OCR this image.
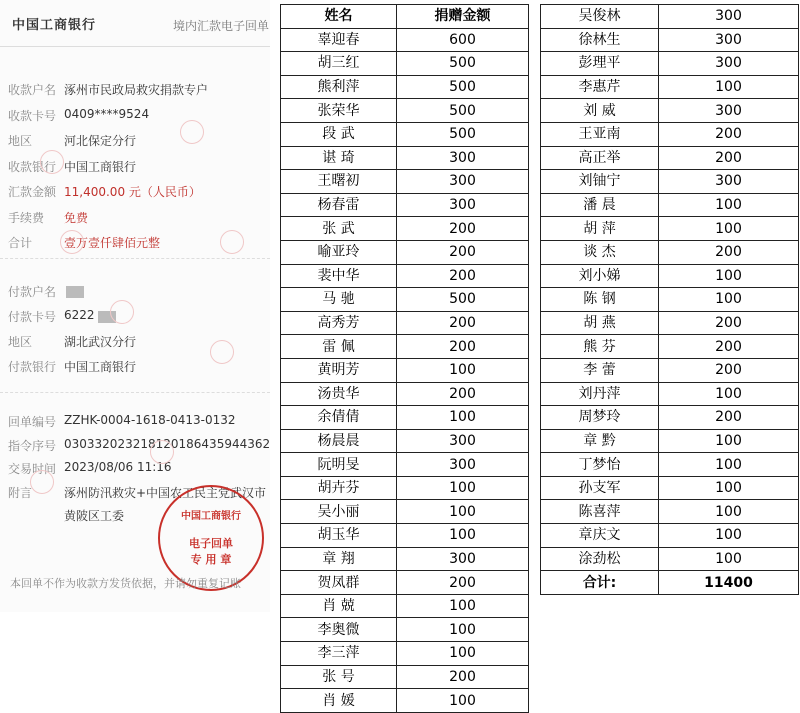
中国工商银行	境内汇款电子回单
收款户名 涿州市民政局救灾捐款专户
收款卡号 0409****9524
地区	河北保定分行
收款银行 中国工商银行
汇款金额 11,400.00 元（人民币）
手续费 免费
合计	壹万壹仟肆佰元整
付款户名
付款卡号 6222
地区	湖北武汉分行
付款银行 中国工商银行
回单编号 ZZHK-0004-1618-0413-0132
指令序号 030332023218120186435944362
交易时间 2023/08/06 11:16
附言	涿州防汛救灾+中国农工民主党武汉市
黄陂区工委	中国工商银行
电子回单
专 用 章
本回单不作为收款方发货依据，并请勿重复记账
姓名	捐赠金额
辜迎春	600
胡三红	500
熊利萍	500
张荣华	500
段 武	500
谌 琦	300
王曙初	300
杨春雷	300
张 武	200
喻亚玲	200
裴中华	200
马 驰	500
高秀芳	200
雷 佩	200
黄明芳	100
汤贵华	200
余倩倩	100
杨晨晨	300
阮明旻	300
胡卉芬	100
吴小丽	100
胡玉华	100
章 翔	300
贺凤群	200
肖 兢	100
李奥微	100
李三萍	100
张 号	200
肖 媛	100
吴俊林	300
徐林生	300
彭理平	300
李惠芹	100
刘 威	300
王亚南	200
高正举	200
刘铀宁	300
潘 晨	100
胡 萍	100
谈 杰	200
刘小娣	100
陈 钢	100
胡 燕	200
熊 芬	200
李 蕾	200
刘丹萍	100
周梦玲	200
章 黔	100
丁梦怡	100
孙支军	100
陈喜萍	100
章庆文	100
涂劲松	100
合计:	11400
